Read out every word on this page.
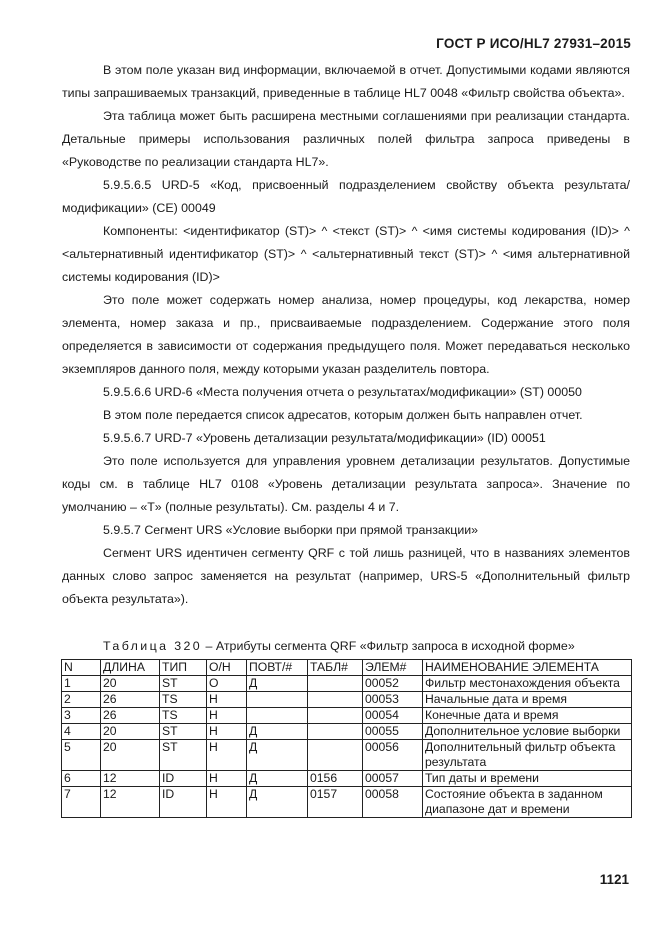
ГОСТ Р ИСО/HL7 27931–2015

В этом поле указан вид информации, включаемой в отчет. Допустимыми кодами являются типы запрашиваемых транзакций, приведенные в таблице HL7 0048 «Фильтр свойства объекта».

Эта таблица может быть расширена местными соглашениями при реализации стандарта. Детальные примеры использования различных полей фильтра запроса приведены в «Руководстве по реализации стандарта HL7».

5.9.5.6.5 URD-5 «Код, присвоенный подразделением свойству объекта результата/модификации» (CE) 00049

Компоненты: <идентификатор (ST)> ^ <текст (ST)> ^ <имя системы кодирования (ID)> ^ <альтернативный идентификатор (ST)> ^ <альтернативный текст (ST)> ^ <имя альтернативной системы кодирования (ID)>

Это поле может содержать номер анализа, номер процедуры, код лекарства, номер элемента, номер заказа и пр., присваиваемые подразделением. Содержание этого поля определяется в зависимости от содержания предыдущего поля. Может передаваться несколько экземпляров данного поля, между которыми указан разделитель повтора.

5.9.5.6.6 URD-6 «Места получения отчета о результатах/модификации» (ST) 00050

В этом поле передается список адресатов, которым должен быть направлен отчет.

5.9.5.6.7 URD-7 «Уровень детализации результата/модификации» (ID) 00051

Это поле используется для управления уровнем детализации результатов. Допустимые коды см. в таблице HL7 0108 «Уровень детализации результата запроса». Значение по умолчанию – «T» (полные результаты). См. разделы 4 и 7.

5.9.5.7 Сегмент URS «Условие выборки при прямой транзакции»

Сегмент URS идентичен сегменту QRF с той лишь разницей, что в названиях элементов данных слово запрос заменяется на результат (например, URS-5 «Дополнительный фильтр объекта результата»).

Таблица 320 – Атрибуты сегмента QRF «Фильтр запроса в исходной форме»
N	ДЛИНА	ТИП	О/Н	ПОВТ/#	ТАБЛ#	ЭЛЕМ#	НАИМЕНОВАНИЕ ЭЛЕМЕНТА
1	20	ST	О	Д		00052	Фильтр местонахождения объекта
2	26	TS	Н			00053	Начальные дата и время
3	26	TS	Н			00054	Конечные дата и время
4	20	ST	Н	Д		00055	Дополнительное условие выборки
5	20	ST	Н	Д		00056	Дополнительный фильтр объекта результата
6	12	ID	Н	Д	0156	00057	Тип даты и времени
7	12	ID	Н	Д	0157	00058	Состояние объекта в заданном диапазоне дат и времени
1121
